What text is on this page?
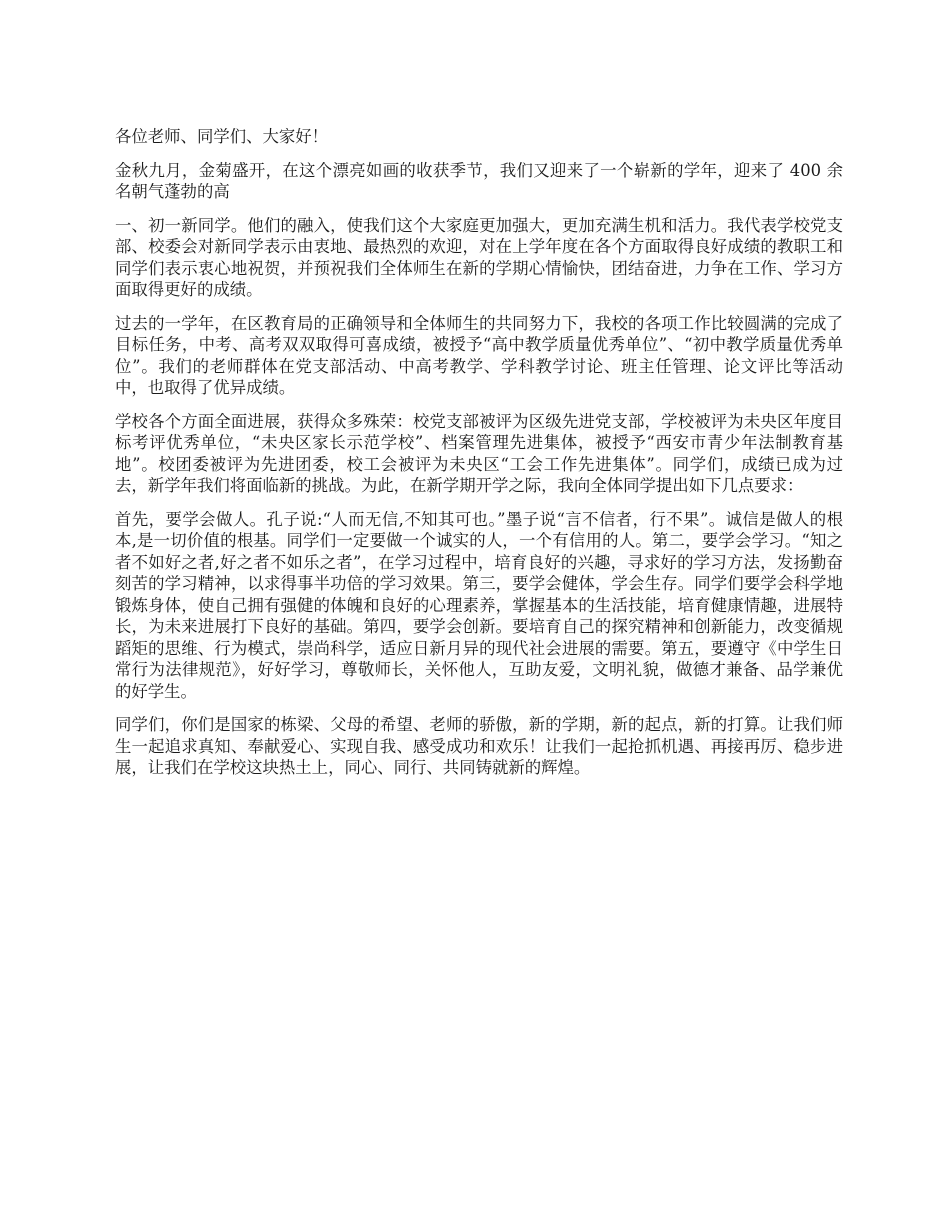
各位老师、同学们、大家好！

金秋九月，金菊盛开，在这个漂亮如画的收获季节，我们又迎来了一个崭新的学年，迎来了 400 余名朝气蓬勃的高

一、初一新同学。他们的融入，使我们这个大家庭更加强大，更加充满生机和活力。我代表学校党支部、校委会对新同学表示由衷地、最热烈的欢迎，对在上学年度在各个方面取得良好成绩的教职工和同学们表示衷心地祝贺，并预祝我们全体师生在新的学期心情愉快，团结奋进，力争在工作、学习方面取得更好的成绩。

过去的一学年，在区教育局的正确领导和全体师生的共同努力下，我校的各项工作比较圆满的完成了目标任务，中考、高考双双取得可喜成绩，被授予“高中教学质量优秀单位”、“初中教学质量优秀单位”。我们的老师群体在党支部活动、中高考教学、学科教学讨论、班主任管理、论文评比等活动中，也取得了优异成绩。

学校各个方面全面进展，获得众多殊荣：校党支部被评为区级先进党支部，学校被评为未央区年度目标考评优秀单位，“未央区家长示范学校”、档案管理先进集体，被授予“西安市青少年法制教育基地”。校团委被评为先进团委，校工会被评为未央区“工会工作先进集体”。同学们，成绩已成为过去，新学年我们将面临新的挑战。为此，在新学期开学之际，我向全体同学提出如下几点要求：

首先，要学会做人。孔子说:“人而无信,不知其可也。”墨子说“言不信者，行不果”。诚信是做人的根本,是一切价值的根基。同学们一定要做一个诚实的人，一个有信用的人。第二，要学会学习。“知之者不如好之者,好之者不如乐之者”，在学习过程中，培育良好的兴趣，寻求好的学习方法，发扬勤奋刻苦的学习精神，以求得事半功倍的学习效果。第三，要学会健体，学会生存。同学们要学会科学地锻炼身体，使自己拥有强健的体魄和良好的心理素养，掌握基本的生活技能，培育健康情趣，进展特长，为未来进展打下良好的基础。第四，要学会创新。要培育自己的探究精神和创新能力，改变循规蹈矩的思维、行为模式，崇尚科学，适应日新月异的现代社会进展的需要。第五，要遵守《中学生日常行为法律规范》，好好学习，尊敬师长，关怀他人，互助友爱，文明礼貌，做德才兼备、品学兼优的好学生。

同学们，你们是国家的栋梁、父母的希望、老师的骄傲，新的学期，新的起点，新的打算。让我们师生一起追求真知、奉献爱心、实现自我、感受成功和欢乐！让我们一起抢抓机遇、再接再厉、稳步进展，让我们在学校这块热土上，同心、同行、共同铸就新的辉煌。
